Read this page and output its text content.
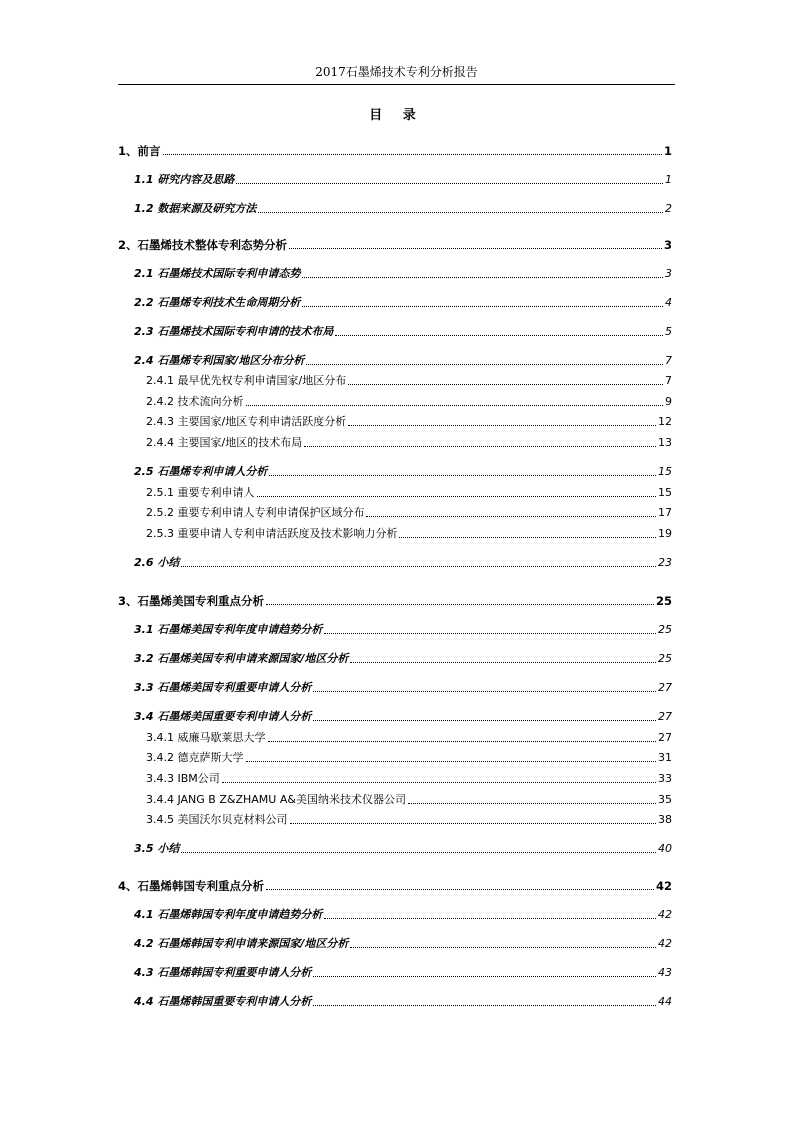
2017石墨烯技术专利分析报告
目 录
1、前言	1
1.1 研究内容及思路	1
1.2 数据来源及研究方法	2
2、石墨烯技术整体专利态势分析	3
2.1 石墨烯技术国际专利申请态势	3
2.2 石墨烯专利技术生命周期分析	4
2.3 石墨烯技术国际专利申请的技术布局	5
2.4 石墨烯专利国家/地区分布分析	7
2.4.1 最早优先权专利申请国家/地区分布	7
2.4.2 技术流向分析	9
2.4.3 主要国家/地区专利申请活跃度分析	12
2.4.4 主要国家/地区的技术布局	13
2.5 石墨烯专利申请人分析	15
2.5.1 重要专利申请人	15
2.5.2 重要专利申请人专利申请保护区域分布	17
2.5.3 重要申请人专利申请活跃度及技术影响力分析	19
2.6 小结	23
3、石墨烯美国专利重点分析	25
3.1 石墨烯美国专利年度申请趋势分析	25
3.2 石墨烯美国专利申请来源国家/地区分析	25
3.3 石墨烯美国专利重要申请人分析	27
3.4 石墨烯美国重要专利申请人分析	27
3.4.1 威廉马歇莱思大学	27
3.4.2 德克萨斯大学	31
3.4.3 IBM公司	33
3.4.4 JANG B Z&ZHAMU A&美国纳米技术仪器公司	35
3.4.5 美国沃尔贝克材料公司	38
3.5 小结	40
4、石墨烯韩国专利重点分析	42
4.1 石墨烯韩国专利年度申请趋势分析	42
4.2 石墨烯韩国专利申请来源国家/地区分析	42
4.3 石墨烯韩国专利重要申请人分析	43
4.4 石墨烯韩国重要专利申请人分析	44
